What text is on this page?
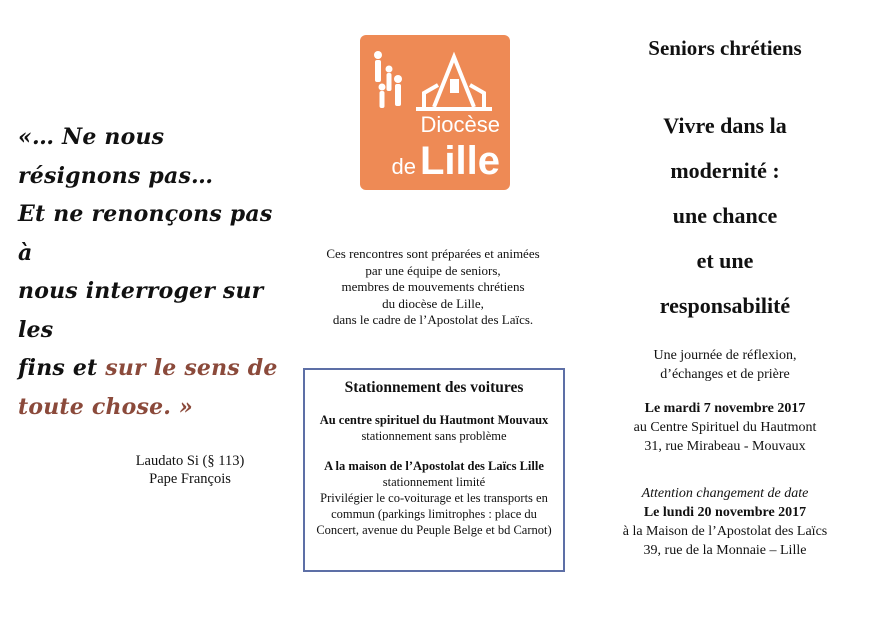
«… Ne nous
résignons pas…
Et ne renonçons pas à
nous interroger sur les
fins et sur le sens de
toute chose. »
Laudato Si (§ 113)
Pape François
Diocèse
de Lille
Ces rencontres sont préparées et animées
par une équipe de seniors,
membres de mouvements chrétiens
du diocèse de Lille,
dans le cadre de l’Apostolat des Laïcs.
Stationnement des voitures
Au centre spirituel du Hautmont Mouvaux
stationnement sans problème
A la maison de l’Apostolat des Laïcs Lille
stationnement limité
Privilégier le co-voiturage et les transports en
commun (parkings limitrophes : place du
Concert, avenue du Peuple Belge et bd Carnot)
Seniors chrétiens
Vivre dans la
modernité :
une chance
et une
responsabilité
Une journée de réflexion,
d’échanges et de prière
Le mardi 7 novembre 2017
au Centre Spirituel du Hautmont
31, rue Mirabeau - Mouvaux
Attention changement de date
Le lundi 20 novembre 2017
à la Maison de l’Apostolat des Laïcs
39, rue de la Monnaie – Lille
